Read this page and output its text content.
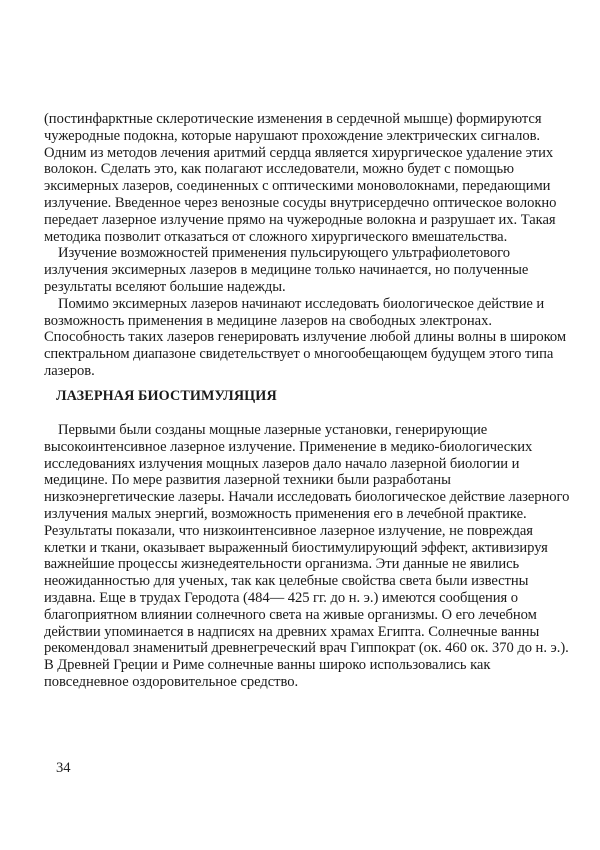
(постинфарктные склеротические изменения в сердечной мышце) формируются
чужеродные подокна, которые нарушают прохождение электрических сигналов.
Одним из методов лечения аритмий сердца является хирургическое удаление этих
волокон. Сделать это, как полагают исследователи, можно будет с помощью
эксимерных лазеров, соединенных с оптическими моноволокнами, передающими
излучение. Введенное через венозные сосуды внутрисердечно оптическое волокно
передает лазерное излучение прямо на чужеродные волокна и разрушает их. Такая
методика позволит отказаться от сложного хирургического вмешательства.
Изучение возможностей применения пульсирующего ультрафиолетового
излучения эксимерных лазеров в медицине только начинается, но полученные
результаты вселяют большие надежды.
Помимо эксимерных лазеров начинают исследовать биологическое действие и
возможность применения в медицине лазеров на свободных электронах.
Способность таких лазеров генерировать излучение любой длины волны в широком
спектральном диапазоне свидетельствует о многообещающем будущем этого типа
лазеров.
ЛАЗЕРНАЯ БИОСТИМУЛЯЦИЯ
Первыми были созданы мощные лазерные установки, генерирующие
высокоинтенсивное лазерное излучение. Применение в медико-биологических
исследованиях излучения мощных лазеров дало начало лазерной биологии и
медицине. По мере развития лазерной техники были разработаны
низкоэнергетические лазеры. Начали исследовать биологическое действие лазерного
излучения малых энергий, возможность применения его в лечебной практике.
Результаты показали, что низкоинтенсивное лазерное излучение, не повреждая
клетки и ткани, оказывает выраженный биостимулирующий эффект, активизируя
важнейшие процессы жизнедеятельности организма. Эти данные не явились
неожиданностью для ученых, так как целебные свойства света были известны
издавна. Еще в трудах Геродота (484— 425 гг. до н. э.) имеются сообщения о
благоприятном влиянии солнечного света на живые организмы. О его лечебном
действии упоминается в надписях на древних храмах Египта. Солнечные ванны
рекомендовал знаменитый древнегреческий врач Гиппократ (ок. 460 ок. 370 до н. э.).
В Древней Греции и Риме солнечные ванны широко использовались как
повседневное оздоровительное средство.
34
